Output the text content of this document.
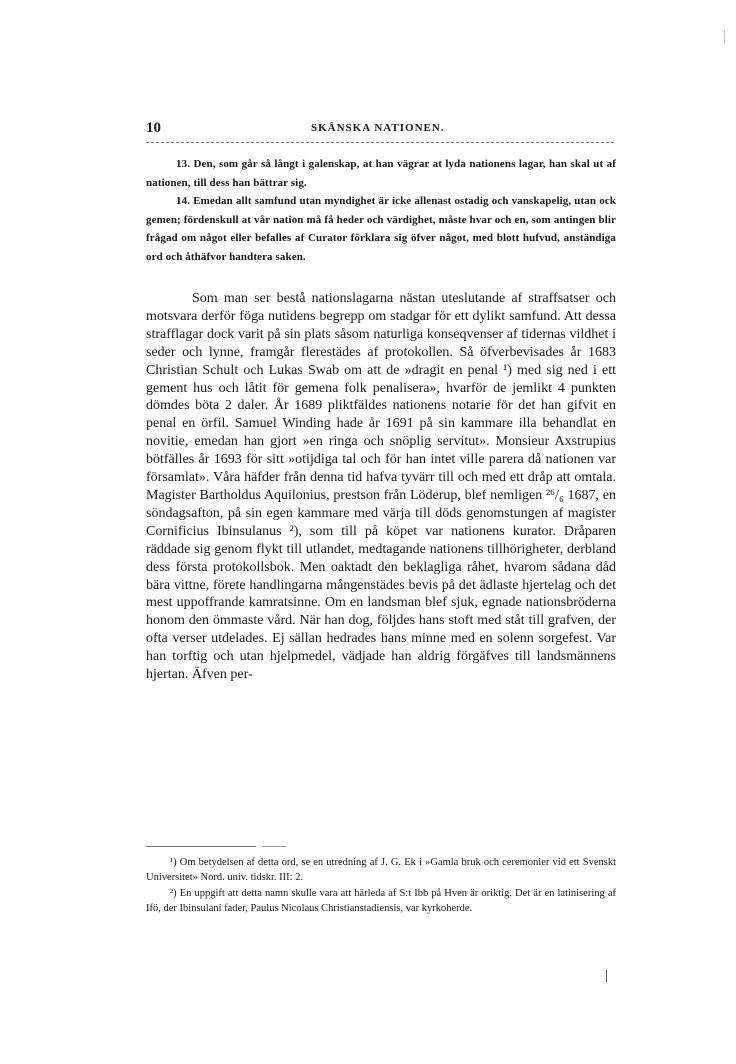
10	SKÅNSKA NATIONEN.

13. Den, som går så långt i galenskap, at han vägrar at lyda nationens lagar, han skal ut af nationen, till dess han bättrar sig.

14. Emedan allt samfund utan myndighet är icke allenast ostadig och vanskapelig, utan ock gemen; fördenskull at vår nation må få heder och värdighet, måste hvar och en, som antingen blir frågad om något eller befalles af Curator förklara sig öfver något, med blott hufvud, anständiga ord och åthäfvor handtera saken.

Som man ser bestå nationslagarna nästan uteslutande af straffsatser och motsvara derför föga nutidens begrepp om stadgar för ett dylikt samfund. Att dessa strafflagar dock varit på sin plats såsom naturliga konseqvenser af tidernas vildhet i seder och lynne, framgår flerestädes af protokollen. Så öfverbevisades år 1683 Christian Schult och Lukas Swab om att de »dragit en penal ¹) med sig ned i ett gement hus och låtit för gemena folk penalisera», hvarför de jemlikt 4 punkten dömdes böta 2 daler. År 1689 pliktfäldes nationens notarie för det han gifvit en penal en örfil. Samuel Winding hade år 1691 på sin kammare illa behandlat en novitie, emedan han gjort »en ringa och snöplig servitut». Monsieur Axstrupius bötfälles år 1693 för sitt »otijdiga tal och för han intet ville parera då nationen var församlat». Våra häfder från denna tid hafva tyvärr till och med ett dråp att omtala. Magister Bartholdus Aquilonius, prestson från Löderup, blef nemligen ²⁶/₆ 1687, en söndagsafton, på sin egen kammare med värja till döds genomstungen af magister Cornificius Ibinsulanus ²), som till på köpet var nationens kurator. Dråparen räddade sig genom flykt till utlandet, medtagande nationens tillhörigheter, derbland dess första protokollsbok. Men oaktadt den beklagliga råhet, hvarom sådana dåd bära vittne, förete handlingarna mångenstädes bevis på det ädlaste hjertelag och det mest uppoffrande kamratsinne. Om en landsman blef sjuk, egnade nationsbröderna honom den ömmaste vård. När han dog, följdes hans stoft med ståt till grafven, der ofta verser utdelades. Ej sällan hedrades hans minne med en solenn sorgefest. Var han torftig och utan hjelpmedel, vädjade han aldrig förgäfves till landsmännens hjertan. Äfven per-

¹) Om betydelsen af detta ord, se en utredning af J. G. Ek i »Gamla bruk och ceremonier vid ett Svenskt Universitet» Nord. univ. tidskr. III: 2.

²) En uppgift att detta namn skulle vara att härleda af S:t Ibb på Hven är oriktig. Det är en latinisering af Ifö, der Ibinsulani fader, Paulus Nicolaus Christianstadiensis, var kyrkoherde.
